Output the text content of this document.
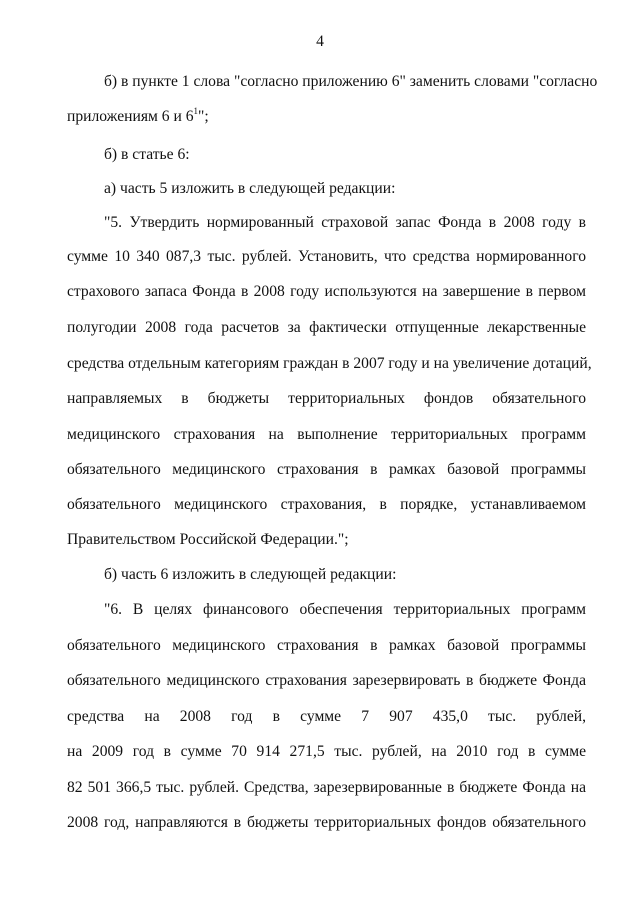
4
б) в пункте 1 слова "согласно приложению 6" заменить словами "согласно
приложениям 6 и $6^1$";
б) в статье 6:
а) часть 5 изложить в следующей редакции:
"5. Утвердить нормированный страховой запас Фонда в 2008 году в
сумме 10 340 087,3 тыс. рублей. Установить, что средства нормированного
страхового запаса Фонда в 2008 году используются на завершение в первом
полугодии 2008 года расчетов за фактически отпущенные лекарственные
средства отдельным категориям граждан в 2007 году и на увеличение дотаций,
направляемых в бюджеты территориальных фондов обязательного
медицинского страхования на выполнение территориальных программ
обязательного медицинского страхования в рамках базовой программы
обязательного медицинского страхования, в порядке, устанавливаемом
Правительством Российской Федерации.";
б) часть 6 изложить в следующей редакции:
"6. В целях финансового обеспечения территориальных программ
обязательного медицинского страхования в рамках базовой программы
обязательного медицинского страхования зарезервировать в бюджете Фонда
средства на 2008 год в сумме 7 907 435,0 тыс. рублей,
на 2009 год в сумме 70 914 271,5 тыс. рублей, на 2010 год в сумме
82 501 366,5 тыс. рублей. Средства, зарезервированные в бюджете Фонда на
2008 год, направляются в бюджеты территориальных фондов обязательного
